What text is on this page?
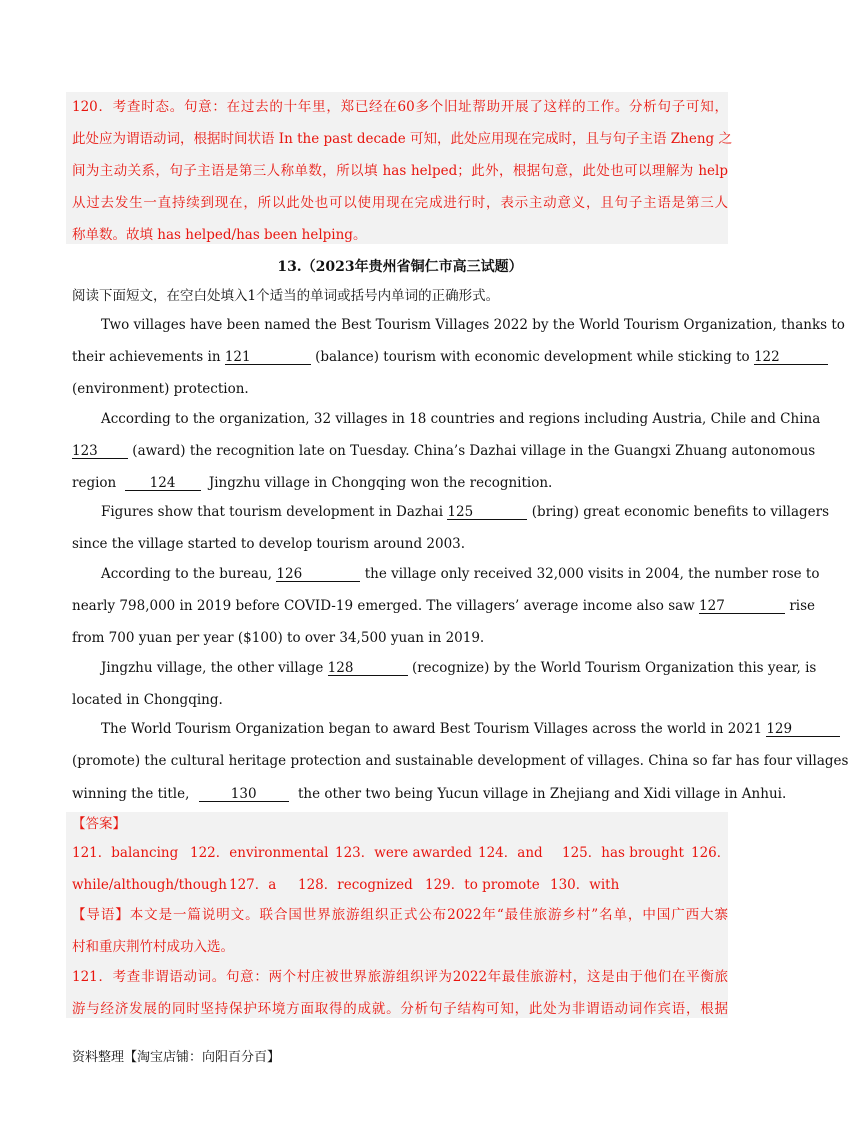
120．考查时态。句意：在过去的十年里，郑已经在60多个旧址帮助开展了这样的工作。分析句子可知，
此处应为谓语动词，根据时间状语 In the past decade 可知，此处应用现在完成时，且与句子主语 Zheng 之
间为主动关系，句子主语是第三人称单数，所以填 has helped；此外，根据句意，此处也可以理解为 help
从过去发生一直持续到现在，所以此处也可以使用现在完成进行时，表示主动意义，且句子主语是第三人
称单数。故填 has helped/has been helping。
13.（2023年贵州省铜仁市高三试题）
阅读下面短文，在空白处填入1个适当的单词或括号内单词的正确形式。
Two villages have been named the Best Tourism Villages 2022 by the World Tourism Organization, thanks to
their achievements in 121	(balance) tourism with economic development while sticking to 122
(environment) protection.
According to the organization, 32 villages in 18 countries and regions including Austria, Chile and China
123	(award) the recognition late on Tuesday. China’s Dazhai village in the Guangxi Zhuang autonomous
region 124 Jingzhu village in Chongqing won the recognition.
Figures show that tourism development in Dazhai 125	(bring) great economic benefits to villagers
since the village started to develop tourism around 2003.
According to the bureau, 126	the village only received 32,000 visits in 2004, the number rose to
nearly 798,000 in 2019 before COVID-19 emerged. The villagers’ average income also saw 127	rise
from 700 yuan per year ($100) to over 34,500 yuan in 2019.
Jingzhu village, the other village 128	(recognize) by the World Tourism Organization this year, is
located in Chongqing.
The World Tourism Organization began to award Best Tourism Villages across the world in 2021 129
(promote) the cultural heritage protection and sustainable development of villages. China so far has four villages
winning the title,	130	the other two being Yucun village in Zhejiang and Xidi village in Anhui.
【答案】
121．balancing 122．environmental 123．were awarded 124．and 125．has brought 126．
while/although/though 127．a 128．recognized 129．to promote 130．with
【导语】本文是一篇说明文。联合国世界旅游组织正式公布2022年“最佳旅游乡村”名单，中国广西大寨
村和重庆荆竹村成功入选。
121．考查非谓语动词。句意：两个村庄被世界旅游组织评为2022年最佳旅游村，这是由于他们在平衡旅
游与经济发展的同时坚持保护环境方面取得的成就。分析句子结构可知，此处为非谓语动词作宾语，根据
资料整理【淘宝店铺：向阳百分百】
